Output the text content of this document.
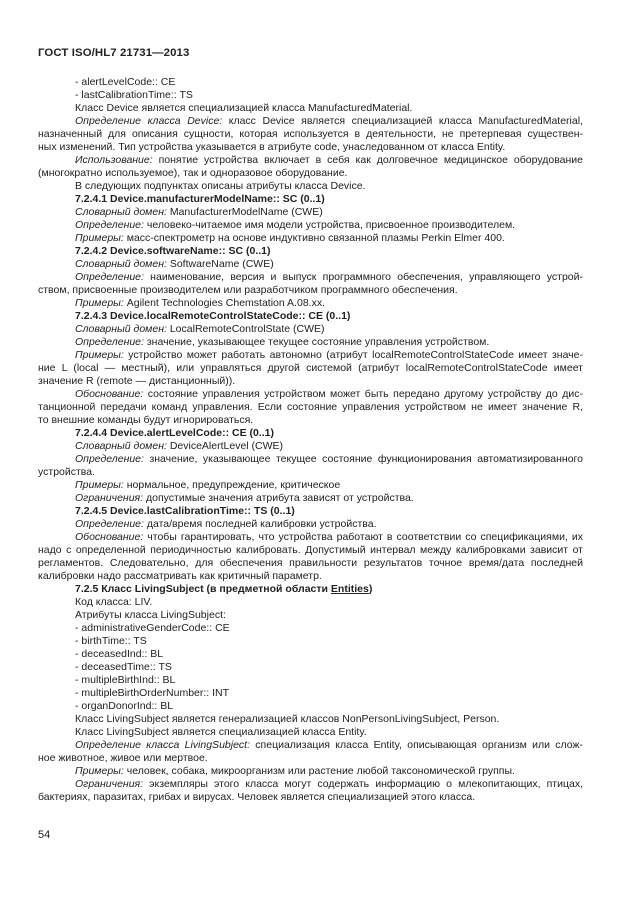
ГОСТ ISO/HL7 21731—2013
- alertLevelCode:: CE
- lastCalibrationTime:: TS
Класс Device является специализацией класса ManufacturedMaterial.
Определение класса Device: класс Device является специализацией класса ManufacturedMaterial,
назначенный для описания сущности, которая используется в деятельности, не претерпевая существен-
ных изменений. Тип устройства указывается в атрибуте code, унаследованном от класса Entity.
Использование: понятие устройства включает в себя как долговечное медицинское оборудование
(многократно используемое), так и одноразовое оборудование.
В следующих подпунктах описаны атрибуты класса Device.
7.2.4.1 Device.manufacturerModelName:: SC (0..1)
Словарный домен: ManufacturerModelName (CWE)
Определение: человеко-читаемое имя модели устройства, присвоенное производителем.
Примеры: масс-спектрометр на основе индуктивно связанной плазмы Perkin Elmer 400.
7.2.4.2 Device.softwareName:: SC (0..1)
Словарный домен: SoftwareName (CWE)
Определение: наименование, версия и выпуск программного обеспечения, управляющего устрой-
ством, присвоенные производителем или разработчиком программного обеспечения.
Примеры: Agilent Technologies Chemstation A.08.xx.
7.2.4.3 Device.localRemoteControlStateCode:: CE (0..1)
Словарный домен: LocalRemoteControlState (CWE)
Определение: значение, указывающее текущее состояние управления устройством.
Примеры: устройство может работать автономно (атрибут localRemoteControlStateCode имеет значе-
ние L (local — местный), или управляться другой системой (атрибут localRemoteControlStateCode имеет
значение R (remote — дистанционный)).
Обоснование: состояние управления устройством может быть передано другому устройству до дис-
танционной передачи команд управления. Если состояние управления устройством не имеет значение R,
то внешние команды будут игнорироваться.
7.2.4.4 Device.alertLevelCode:: CE (0..1)
Словарный домен: DeviceAlertLevel (CWE)
Определение: значение, указывающее текущее состояние функционирования автоматизированного
устройства.
Примеры: нормальное, предупреждение, критическое
Ограничения: допустимые значения атрибута зависят от устройства.
7.2.4.5 Device.lastCalibrationTime:: TS (0..1)
Определение: дата/время последней калибровки устройства.
Обоснование: чтобы гарантировать, что устройства работают в соответствии со спецификациями, их
надо с определенной периодичностью калибровать. Допустимый интервал между калибровками зависит от
регламентов. Следовательно, для обеспечения правильности результатов точное время/дата последней
калибровки надо рассматривать как критичный параметр.
7.2.5 Класс LivingSubject (в предметной области Entities)
Код класса: LIV.
Атрибуты класса LivingSubject:
- administrativeGenderCode:: CE
- birthTime:: TS
- deceasedInd:: BL
- deceasedTime:: TS
- multipleBirthInd:: BL
- multipleBirthOrderNumber:: INT
- organDonorInd:: BL
Класс LivingSubject является генерализацией классов NonPersonLivingSubject, Person.
Класс LivingSubject является специализацией класса Entity.
Определение класса LivingSubject: специализация класса Entity, описывающая организм или слож-
ное животное, живое или мертвое.
Примеры: человек, собака, микроорганизм или растение любой таксономической группы.
Ограничения: экземпляры этого класса могут содержать информацию о млекопитающих, птицах,
бактериях, паразитах, грибах и вирусах. Человек является специализацией этого класса.
54
